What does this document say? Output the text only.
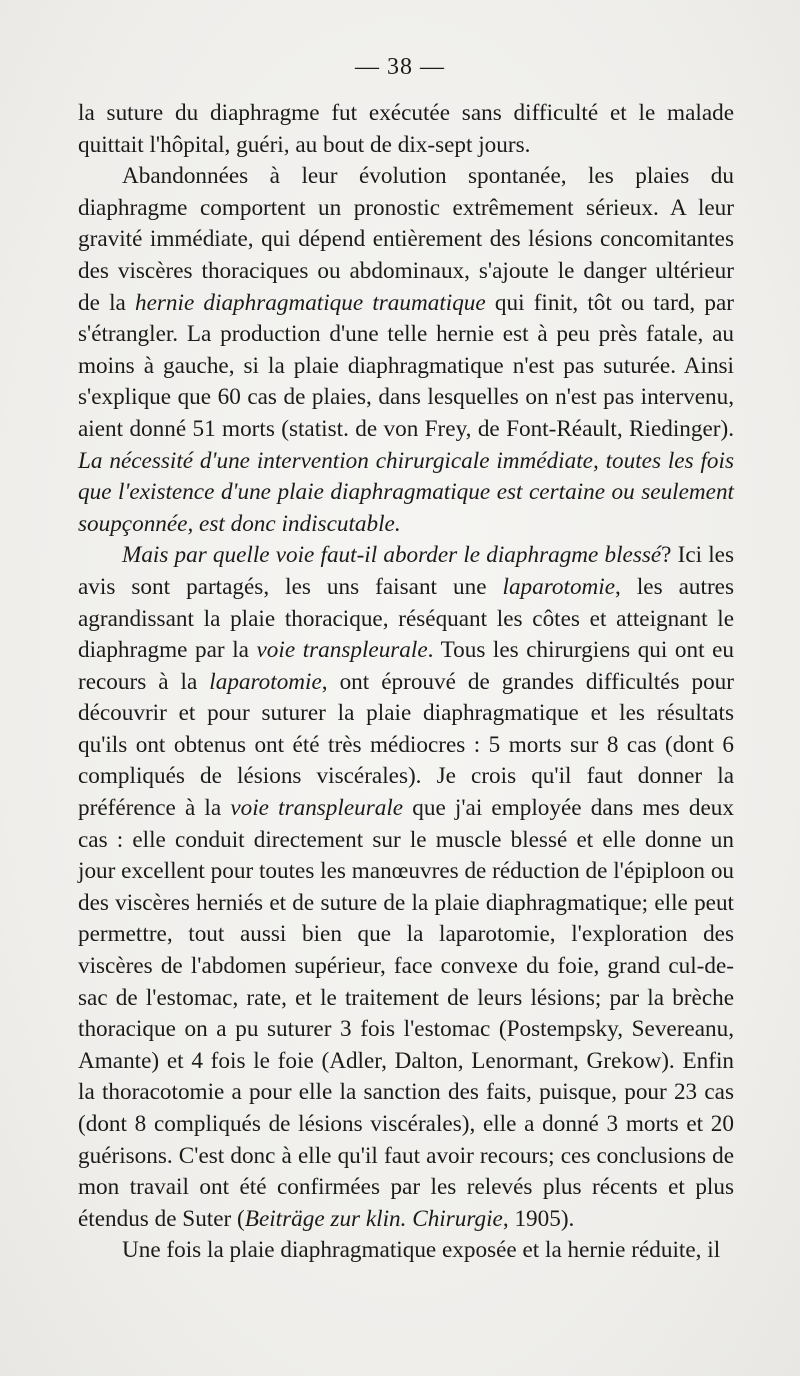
— 38 —

la suture du diaphragme fut exécutée sans difficulté et le malade quittait l'hôpital, guéri, au bout de dix-sept jours.

Abandonnées à leur évolution spontanée, les plaies du diaphragme comportent un pronostic extrêmement sérieux. A leur gravité immédiate, qui dépend entièrement des lésions concomitantes des viscères thoraciques ou abdominaux, s'ajoute le danger ultérieur de la hernie diaphragmatique traumatique qui finit, tôt ou tard, par s'étrangler. La production d'une telle hernie est à peu près fatale, au moins à gauche, si la plaie diaphragmatique n'est pas suturée. Ainsi s'explique que 60 cas de plaies, dans lesquelles on n'est pas intervenu, aient donné 51 morts (statist. de von Frey, de Font-Réault, Riedinger). La nécessité d'une intervention chirurgicale immédiate, toutes les fois que l'existence d'une plaie diaphragmatique est certaine ou seulement soupçonnée, est donc indiscutable.

Mais par quelle voie faut-il aborder le diaphragme blessé? Ici les avis sont partagés, les uns faisant une laparotomie, les autres agrandissant la plaie thoracique, réséquant les côtes et atteignant le diaphragme par la voie transpleurale. Tous les chirurgiens qui ont eu recours à la laparotomie, ont éprouvé de grandes difficultés pour découvrir et pour suturer la plaie diaphragmatique et les résultats qu'ils ont obtenus ont été très médiocres : 5 morts sur 8 cas (dont 6 compliqués de lésions viscérales). Je crois qu'il faut donner la préférence à la voie transpleurale que j'ai employée dans mes deux cas : elle conduit directement sur le muscle blessé et elle donne un jour excellent pour toutes les manœuvres de réduction de l'épiploon ou des viscères herniés et de suture de la plaie diaphragmatique; elle peut permettre, tout aussi bien que la laparotomie, l'exploration des viscères de l'abdomen supérieur, face convexe du foie, grand cul-de-sac de l'estomac, rate, et le traitement de leurs lésions; par la brèche thoracique on a pu suturer 3 fois l'estomac (Postempsky, Severeanu, Amante) et 4 fois le foie (Adler, Dalton, Lenormant, Grekow). Enfin la thoracotomie a pour elle la sanction des faits, puisque, pour 23 cas (dont 8 compliqués de lésions viscérales), elle a donné 3 morts et 20 guérisons. C'est donc à elle qu'il faut avoir recours; ces conclusions de mon travail ont été confirmées par les relevés plus récents et plus étendus de Suter (Beiträge zur klin. Chirurgie, 1905).

Une fois la plaie diaphragmatique exposée et la hernie réduite, il
